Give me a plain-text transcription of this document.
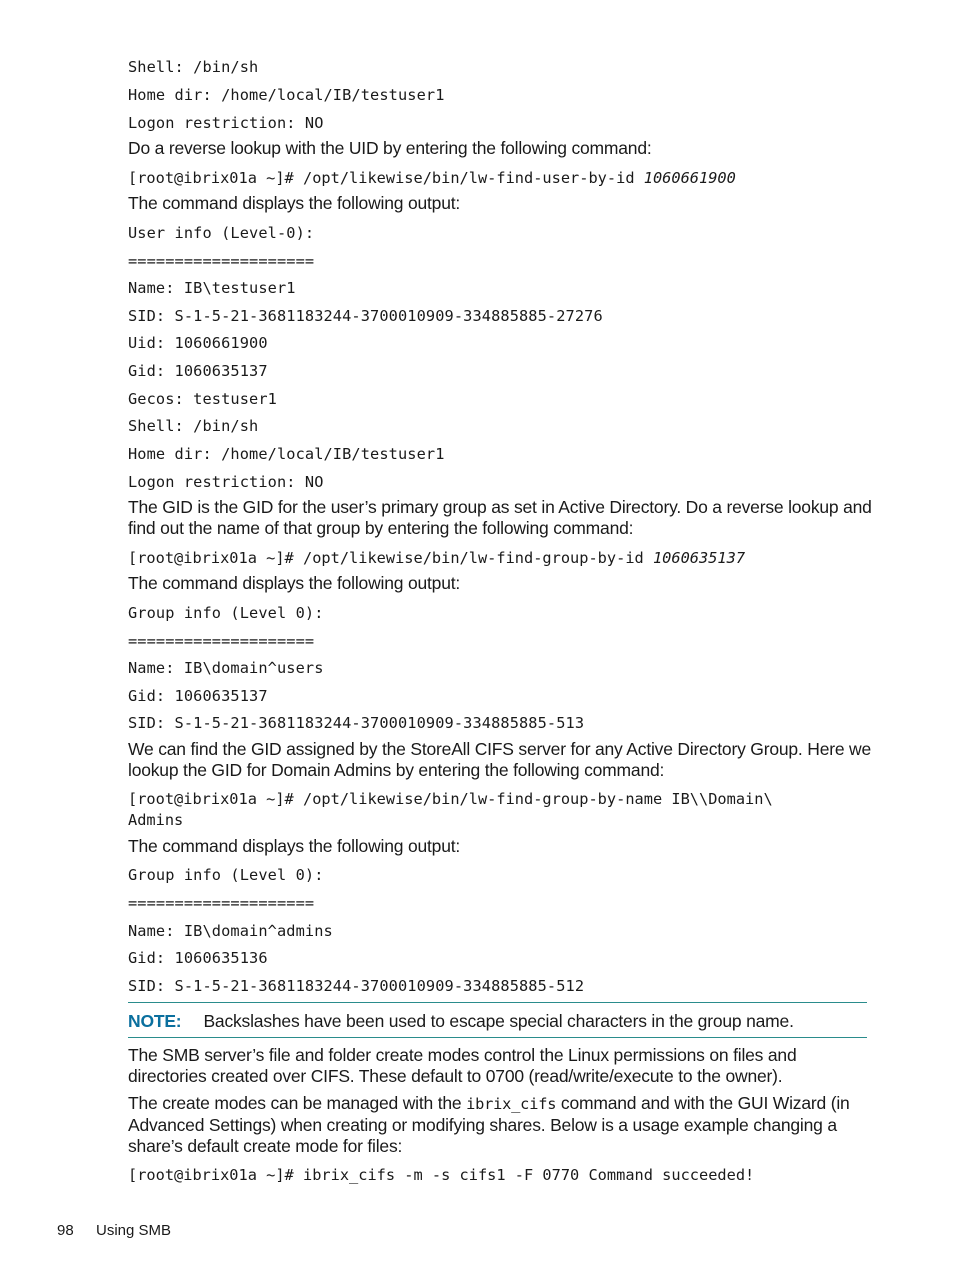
Shell: /bin/sh
Home dir: /home/local/IB/testuser1
Logon restriction: NO
Do a reverse lookup with the UID by entering the following command:
[root@ibrix01a ~]# /opt/likewise/bin/lw-find-user-by-id 1060661900
The command displays the following output:
User info (Level-0):
====================
Name: IB\testuser1
SID: S-1-5-21-3681183244-3700010909-334885885-27276
Uid: 1060661900
Gid: 1060635137
Gecos: testuser1
Shell: /bin/sh
Home dir: /home/local/IB/testuser1
Logon restriction: NO
The GID is the GID for the user’s primary group as set in Active Directory. Do a reverse lookup and find out the name of that group by entering the following command:
[root@ibrix01a ~]# /opt/likewise/bin/lw-find-group-by-id 1060635137
The command displays the following output:
Group info (Level 0):
====================
Name: IB\domain^users
Gid: 1060635137
SID: S-1-5-21-3681183244-3700010909-334885885-513
We can find the GID assigned by the StoreAll CIFS server for any Active Directory Group. Here we lookup the GID for Domain Admins by entering the following command:
[root@ibrix01a ~]# /opt/likewise/bin/lw-find-group-by-name IB\\Domain\
Admins
The command displays the following output:
Group info (Level 0):
====================
Name: IB\domain^admins
Gid: 1060635136
SID: S-1-5-21-3681183244-3700010909-334885885-512
NOTE: Backslashes have been used to escape special characters in the group name.
The SMB server’s file and folder create modes control the Linux permissions on files and directories created over CIFS. These default to 0700 (read/write/execute to the owner).
The create modes can be managed with the ibrix_cifs command and with the GUI Wizard (in Advanced Settings) when creating or modifying shares. Below is a usage example changing a share’s default create mode for files:
[root@ibrix01a ~]# ibrix_cifs -m -s cifs1 -F 0770 Command succeeded!
98 Using SMB
